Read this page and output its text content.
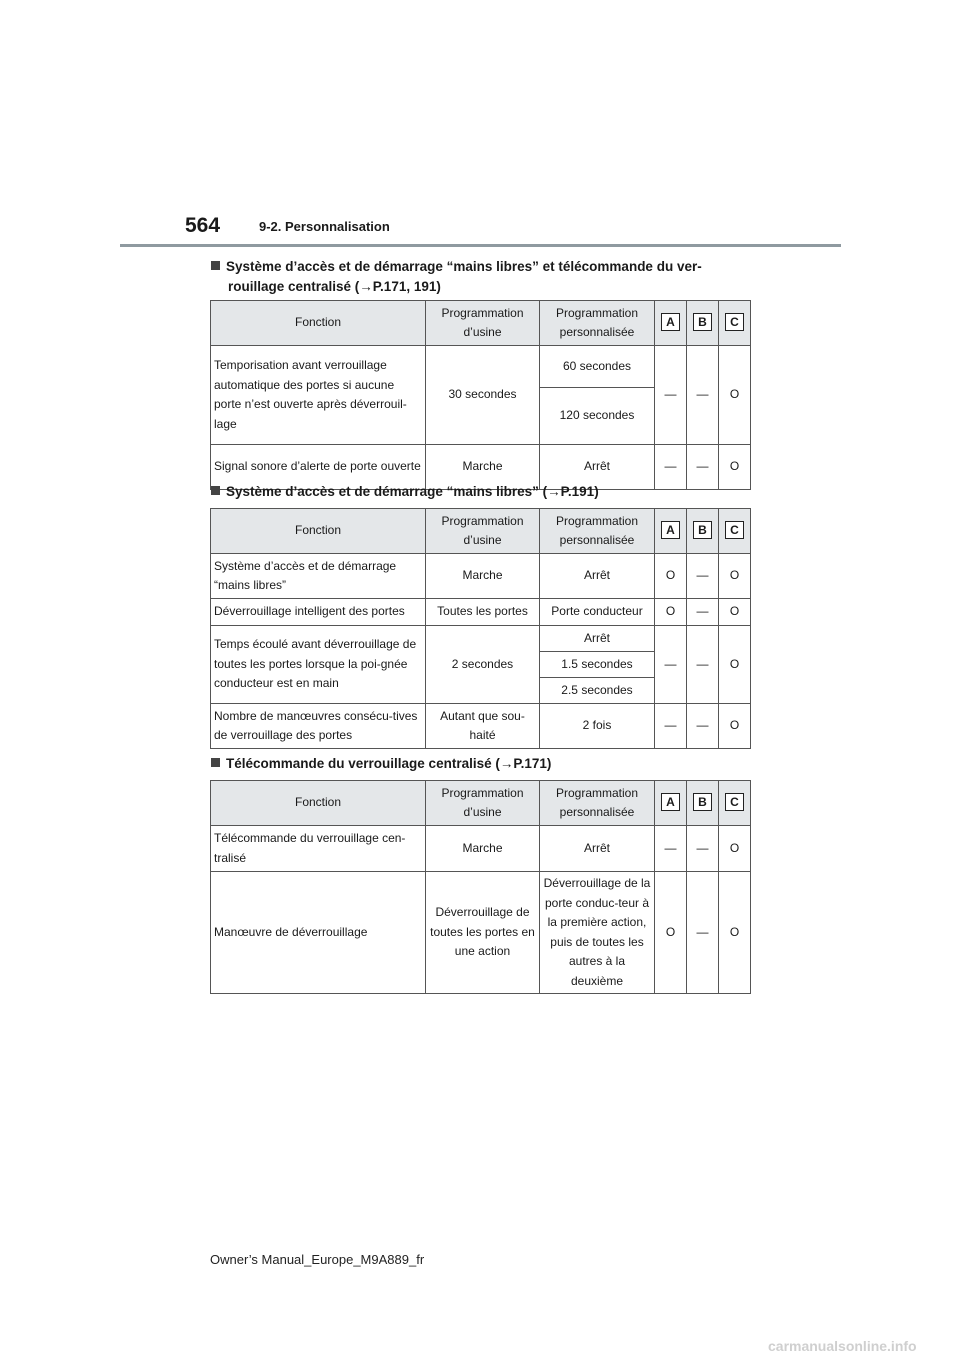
564	9-2. Personnalisation
Système d’accès et de démarrage “mains libres” et télécommande du ver-
rouillage centralisé (→P.171, 191)
Fonction	Programmation d’usine	Programmation personnalisée	A	B	C
Temporisation avant verrouillage automatique des portes si aucune porte n’est ouverte après déverrouil-lage	30 secondes	60 secondes	—	—	O
		120 secondes			
Signal sonore d’alerte de porte ouverte	Marche	Arrêt	—	—	O
Système d’accès et de démarrage “mains libres” (→P.191)
Fonction	Programmation d’usine	Programmation personnalisée	A	B	C
Système d’accès et de démarrage “mains libres”	Marche	Arrêt	O	—	O
Déverrouillage intelligent des portes	Toutes les portes	Porte conducteur	O	—	O
Temps écoulé avant déverrouillage de toutes les portes lorsque la poi-gnée conducteur est en main	2 secondes	Arrêt	—	—	O
		1.5 secondes			
		2.5 secondes			
Nombre de manœuvres consécu-tives de verrouillage des portes	Autant que sou-haité	2 fois	—	—	O
Télécommande du verrouillage centralisé (→P.171)
Fonction	Programmation d’usine	Programmation personnalisée	A	B	C
Télécommande du verrouillage cen-tralisé	Marche	Arrêt	—	—	O
Manœuvre de déverrouillage	Déverrouillage de toutes les portes en une action	Déverrouillage de la porte conduc-teur à la première action, puis de toutes les autres à la deuxième	O	—	O
Owner’s Manual_Europe_M9A889_fr
carmanualsonline.info
